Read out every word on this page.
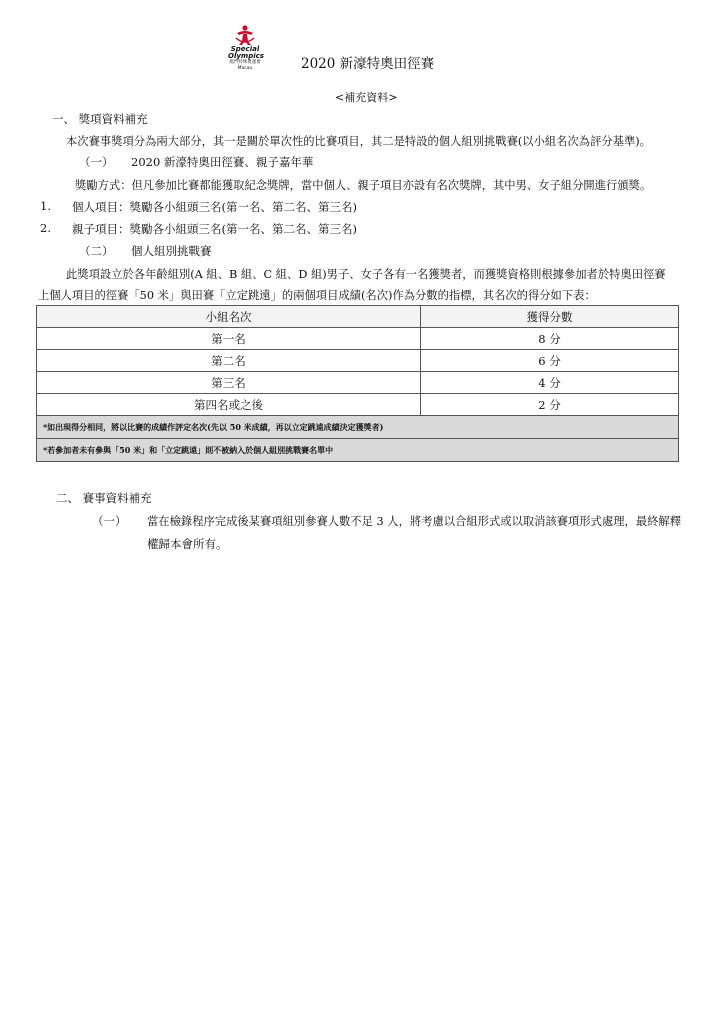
Special
Olympics
澳門特殊奧運會
Macau	2020 新濠特奧田徑賽
<補充資料>
一、 獎項資料補充
本次賽事獎項分為兩大部分，其一是關於單次性的比賽項目，其二是特設的個人組別挑戰賽(以小組名次為評分基準)。
（一） 2020 新濠特奧田徑賽、親子嘉年華
獎勵方式：但凡參加比賽都能獲取紀念獎牌，當中個人、親子項目亦設有名次獎牌，其中男、女子組分開進行頒獎。
1. 個人項目：獎勵各小組頭三名(第一名、第二名、第三名)
2. 親子項目：獎勵各小組頭三名(第一名、第二名、第三名)
（二） 個人組別挑戰賽
此獎項設立於各年齡組別(A 組、B 組、C 組、D 組)男子、女子各有一名獲獎者，而獲獎資格則根據參加者於特奧田徑賽
上個人項目的徑賽「50 米」與田賽「立定跳遠」的兩個項目成績(名次)作為分數的指標，其名次的得分如下表：
小組名次	獲得分數
第一名	8 分
第二名	6 分
第三名	4 分
第四名或之後	2 分
*如出現得分相同，將以比賽的成績作評定名次(先以 50 米成績，再以立定跳遠成績決定獲獎者)	
*若參加者未有參與「50 米」和「立定跳遠」則不被納入於個人組別挑戰賽名單中	
二、 賽事資料補充
（一） 當在檢錄程序完成後某賽項組別參賽人數不足 3 人，將考慮以合組形式或以取消該賽項形式處理，最終解釋
權歸本會所有。
